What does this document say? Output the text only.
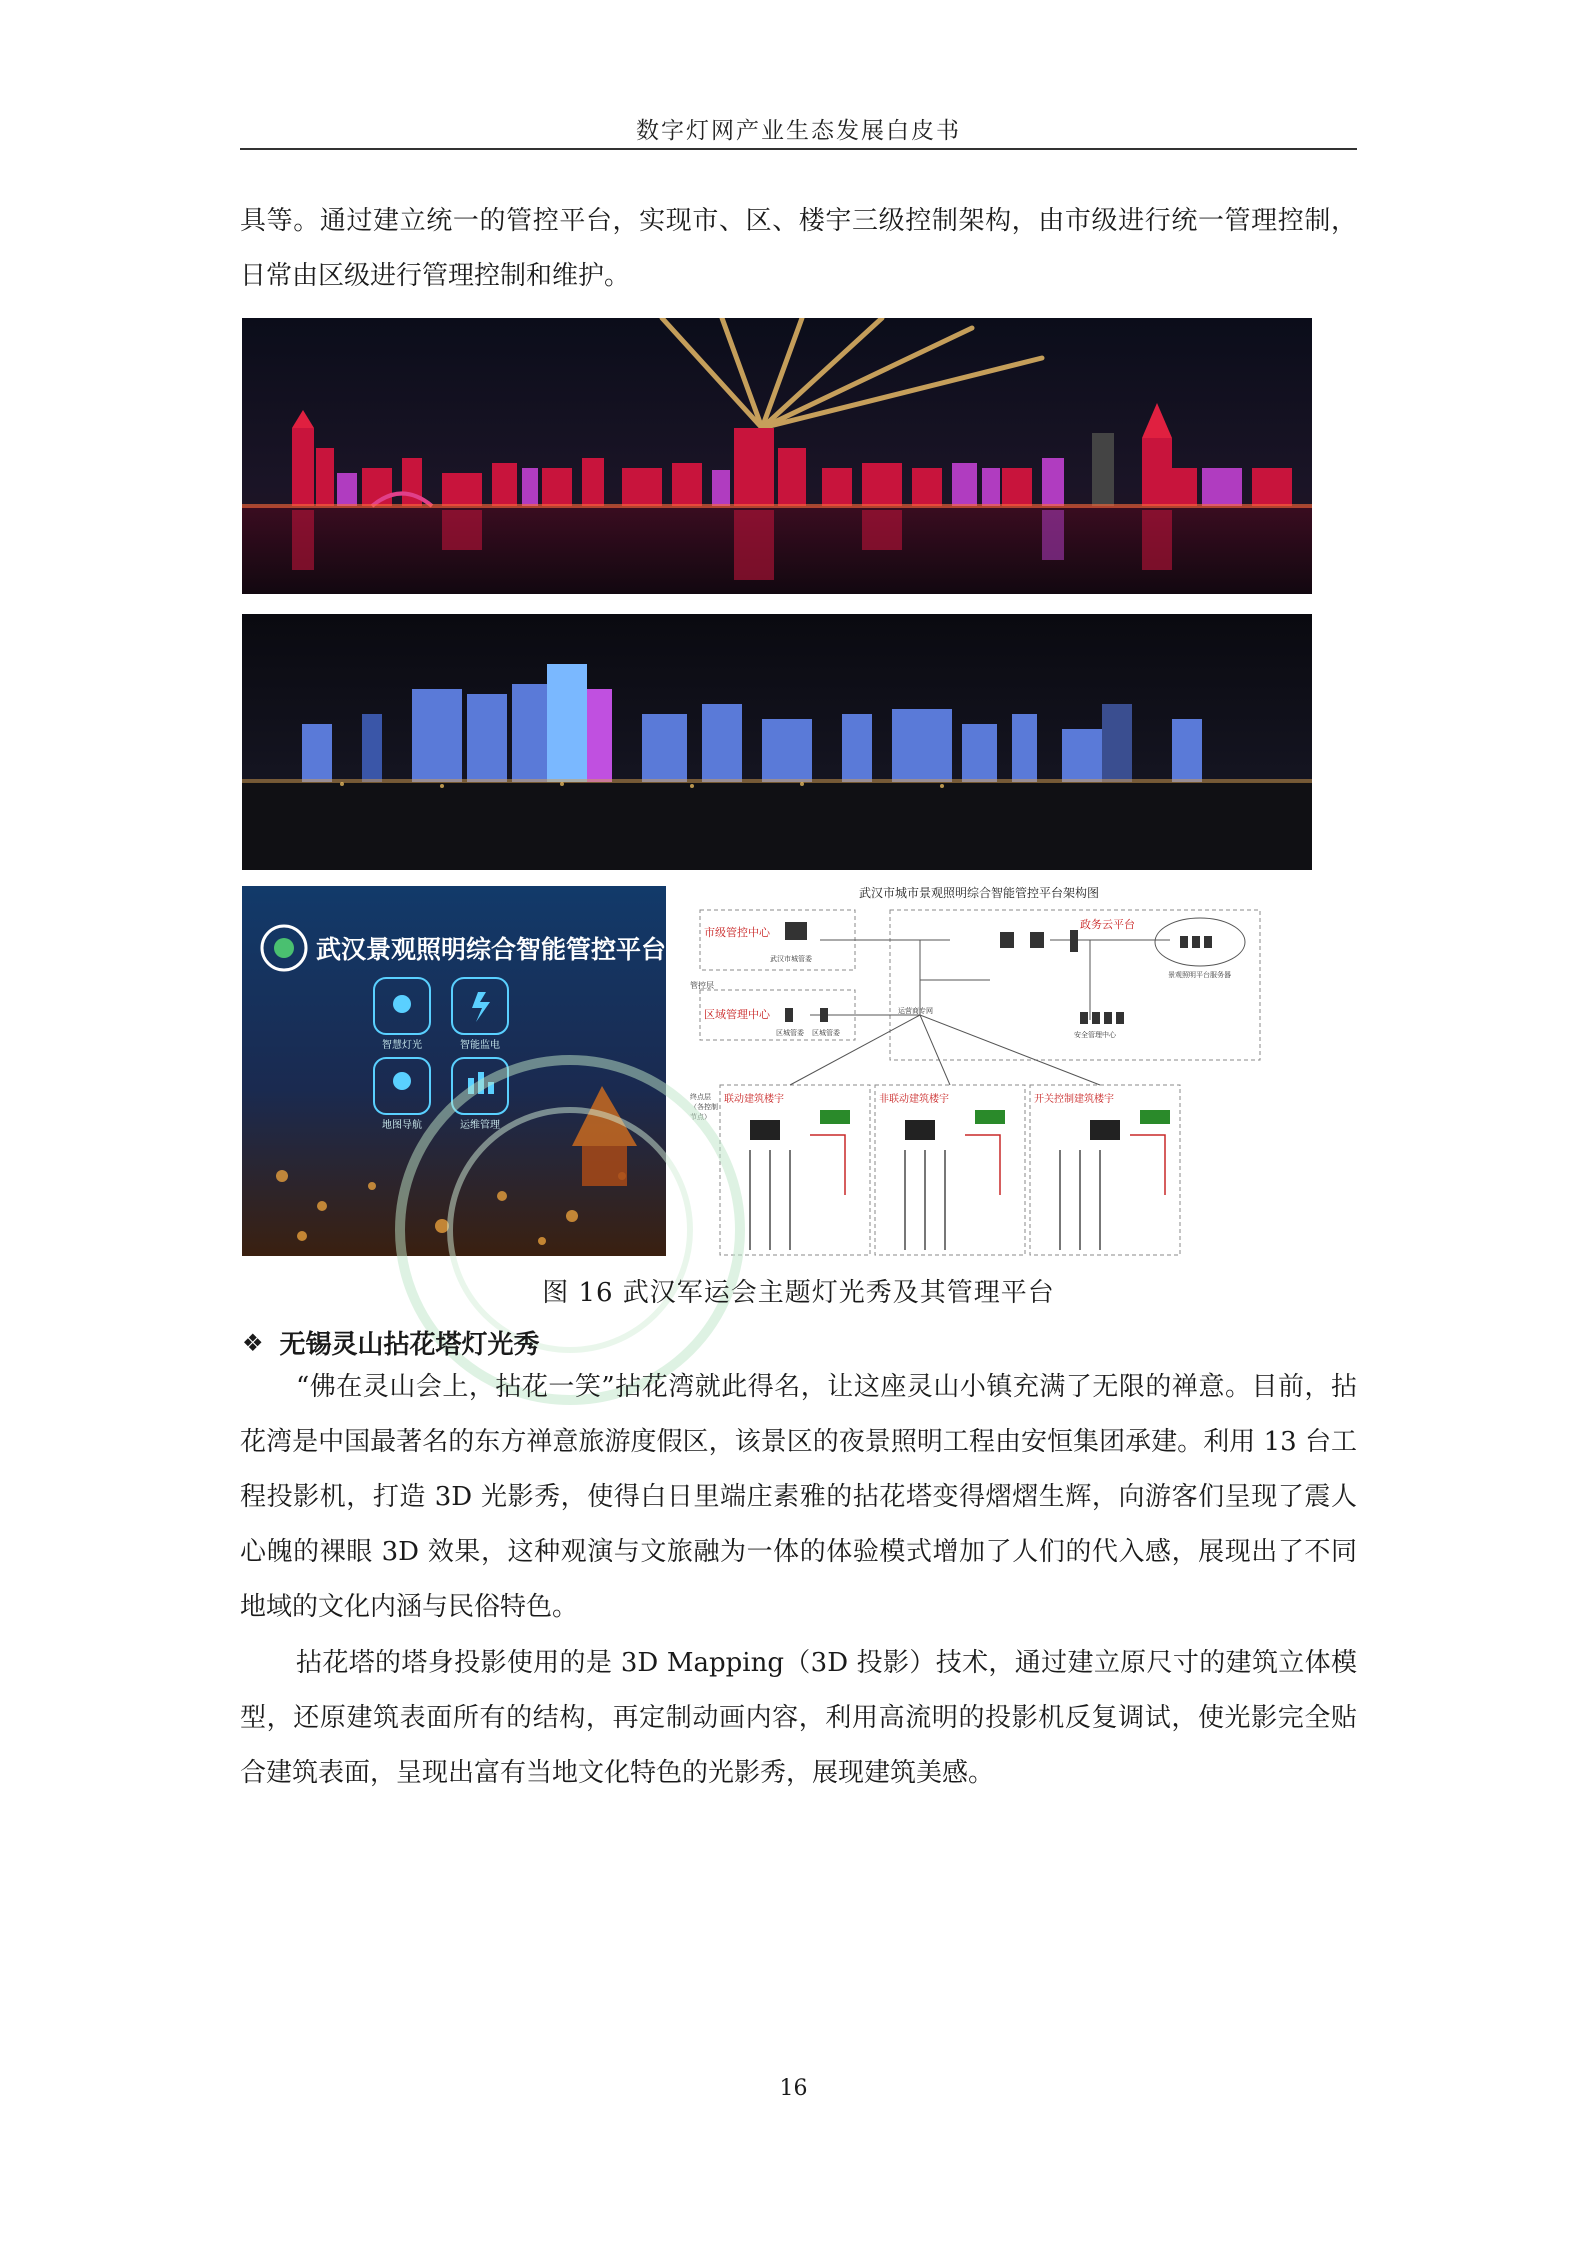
数字灯网产业生态发展白皮书
具等。通过建立统一的管控平台，实现市、区、楼宇三级控制架构，由市级进行统一管理控制，日常由区级进行管理控制和维护。
武汉景观照明综合智能管控平台
智慧灯光	智能监电
地图导航	运维管理
武汉市城市景观照明综合智能管控平台架构图
市级管控中心
武汉市城管委
政务云平台
景观照明平台服务器
安全管理中心
管控层
区域管理中心
区城管委 区城管委
运营商专网
终点层（各控制节点）
联动建筑楼宇	非联动建筑楼宇	开关控制建筑楼宇
图 16 武汉军运会主题灯光秀及其管理平台
❖ 无锡灵山拈花塔灯光秀
“佛在灵山会上，拈花一笑”拈花湾就此得名，让这座灵山小镇充满了无限的禅意。目前，拈花湾是中国最著名的东方禅意旅游度假区，该景区的夜景照明工程由安恒集团承建。利用 13 台工程投影机，打造 3D 光影秀，使得白日里端庄素雅的拈花塔变得熠熠生辉，向游客们呈现了震人心魄的裸眼 3D 效果，这种观演与文旅融为一体的体验模式增加了人们的代入感，展现出了不同地域的文化内涵与民俗特色。
拈花塔的塔身投影使用的是 3D Mapping（3D 投影）技术，通过建立原尺寸的建筑立体模型，还原建筑表面所有的结构，再定制动画内容，利用高流明的投影机反复调试，使光影完全贴合建筑表面，呈现出富有当地文化特色的光影秀，展现建筑美感。
16
